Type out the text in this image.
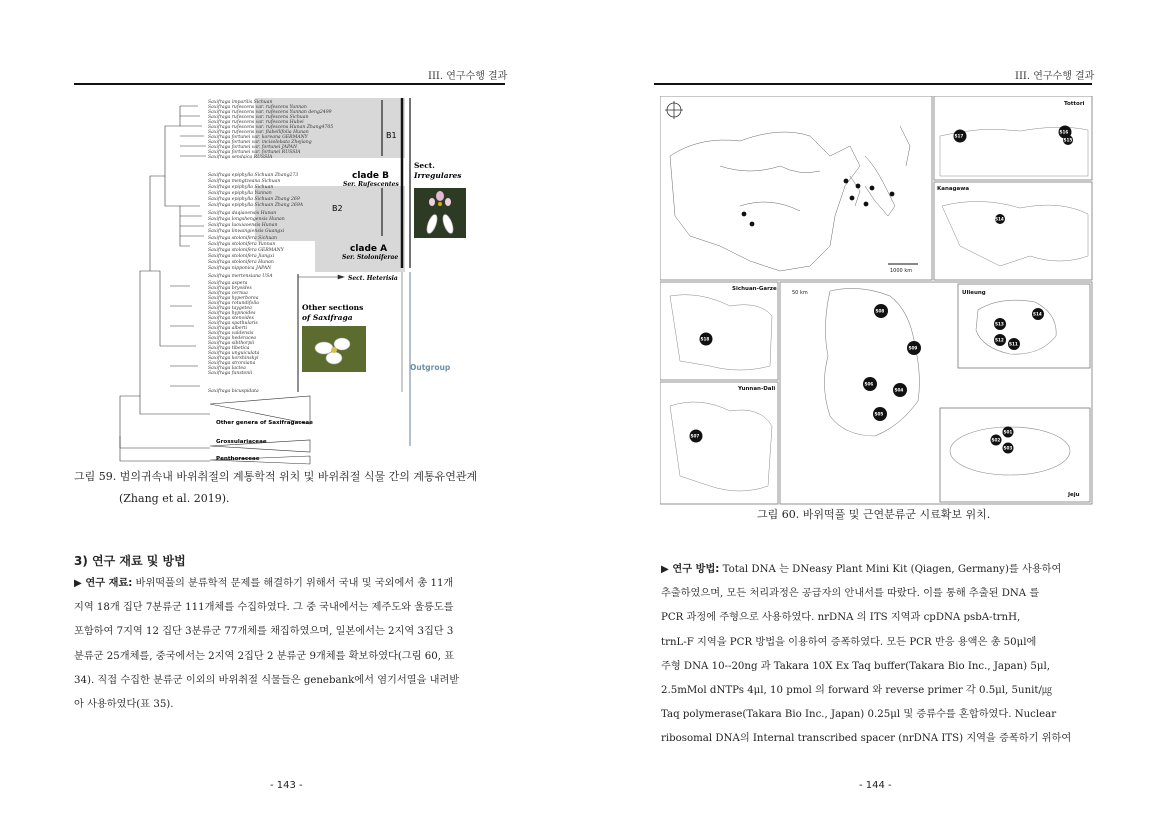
III. 연구수행 결과
Saxifraga imparilis Sichuan
Saxifraga rufescens var. rufescens Yunnan
Saxifraga rufescens var. rufescens Yunnan deng2499
Saxifraga rufescens var. rufescens Sichuan
Saxifraga rufescens var. rufescens Hubei
Saxifraga rufescens var. rufescens Hunan Zhang4705
Saxifraga rufescens var. flabellifolia Hunan
Saxifraga fortunei var. koreana GERMANY
Saxifraga fortunei var. incisolobata Zhejiang
Saxifraga fortunei var. fortunei JAPAN
Saxifraga fortunei var. fortunei RUSSIA
Saxifraga sendaica RUSSIA
Saxifraga epiphylla Sichuan Zhang273
Saxifraga mengtzeana Sichuan
Saxifraga epiphylla Sichuan
Saxifraga epiphylla Yunnan
Saxifraga epiphylla Sichuan Zhang 269
Saxifraga epiphylla Sichuan Zhang 269A
Saxifraga daqiaoensis Hunan
Saxifraga longshengensis Hunan
Saxifraga luoxiaoensis Hunan
Saxifraga linwangiensis Guangxi
Saxifraga stolonifera Sichuan
Saxifraga stolonifera Yunnan
Saxifraga stolonifera GERMANY
Saxifraga stolonifera Jiangxi
Saxifraga stolonifera Hunan
Saxifraga nipponica JAPAN
Saxifraga mertensiana USA
Saxifraga aspera
Saxifraga bryoides
Saxifraga cernua
Saxifraga hyperborea
Saxifraga rotundifolia
Saxifraga taygetea
Saxifraga hypnoides
Saxifraga stenoides
Saxifraga spathularis
Saxifraga alberti
Saxifraga valdensis
Saxifraga hederacea
Saxifraga sibthorpii
Saxifraga tibetica
Saxifraga unguiculata
Saxifraga korshinskyi
Saxifraga strorsiana
Saxifraga lactea
Saxifraga funstonii
Saxifraga bicuspidata
B1
B2
clade B
Ser. Rufescentes
clade A
Ser. Stoloniferae
Sect.
Irregulares
Sect. Heterisia
Other sections
of Saxifraga
Outgroup
Other genera of Saxifragaceae
Grossulariaceae
Penthoraceae
그림 59. 범의귀속내 바위취절의 계통학적 위치 및 바위취절 식물 간의 계통유연관계
(Zhang et al. 2019).
3) 연구 재료 및 방법
▶ 연구 재료: 바위떡풀의 분류학적 문제를 해결하기 위해서 국내 및 국외에서 총 11개
지역 18개 집단 7분류군 111개체를 수집하였다. 그 중 국내에서는 제주도와 울릉도를
포함하여 7지역 12 집단 3분류군 77개체를 채집하였으며, 일본에서는 2지역 3집단 3
분류군 25개체를, 중국에서는 2지역 2집단 2 분류군 9개체를 확보하였다(그림 60, 표
34). 직접 수집한 분류군 이외의 바위취절 식물들은 genebank에서 염기서열을 내려받
아 사용하였다(표 35).
- 143 -
III. 연구수행 결과
1000 km
Tottori
S17
S16
S15
Kanagawa
S14
Sichuan-Garze
S18
Yunnan-Dali
S07
50 km
S08
S09
S06
S04
S05
Ulleung
S13
S12
S11
S14
Jeju
S01
S02
S03
그림 60. 바위떡풀 및 근연분류군 시료확보 위치.
▶ 연구 방법: Total DNA 는 DNeasy Plant Mini Kit (Qiagen, Germany)를 사용하여
추출하였으며, 모든 처리과정은 공급자의 안내서를 따랐다. 이를 통해 추출된 DNA 를
PCR 과정에 주형으로 사용하였다. nrDNA 의 ITS 지역과 cpDNA psbA-trnH,
trnL-F 지역을 PCR 방법을 이용하여 증폭하였다. 모든 PCR 반응 용액은 총 50μl에
주형 DNA 10--20ng 과 Takara 10X Ex Taq buffer(Takara Bio Inc., Japan) 5μl,
2.5mMol dNTPs 4μl, 10 pmol 의 forward 와 reverse primer 각 0.5μl, 5unit/㎍
Taq polymerase(Takara Bio Inc., Japan) 0.25μl 및 증류수를 혼합하였다. Nuclear
ribosomal DNA의 Internal transcribed spacer (nrDNA ITS) 지역을 증폭하기 위하여
- 144 -
